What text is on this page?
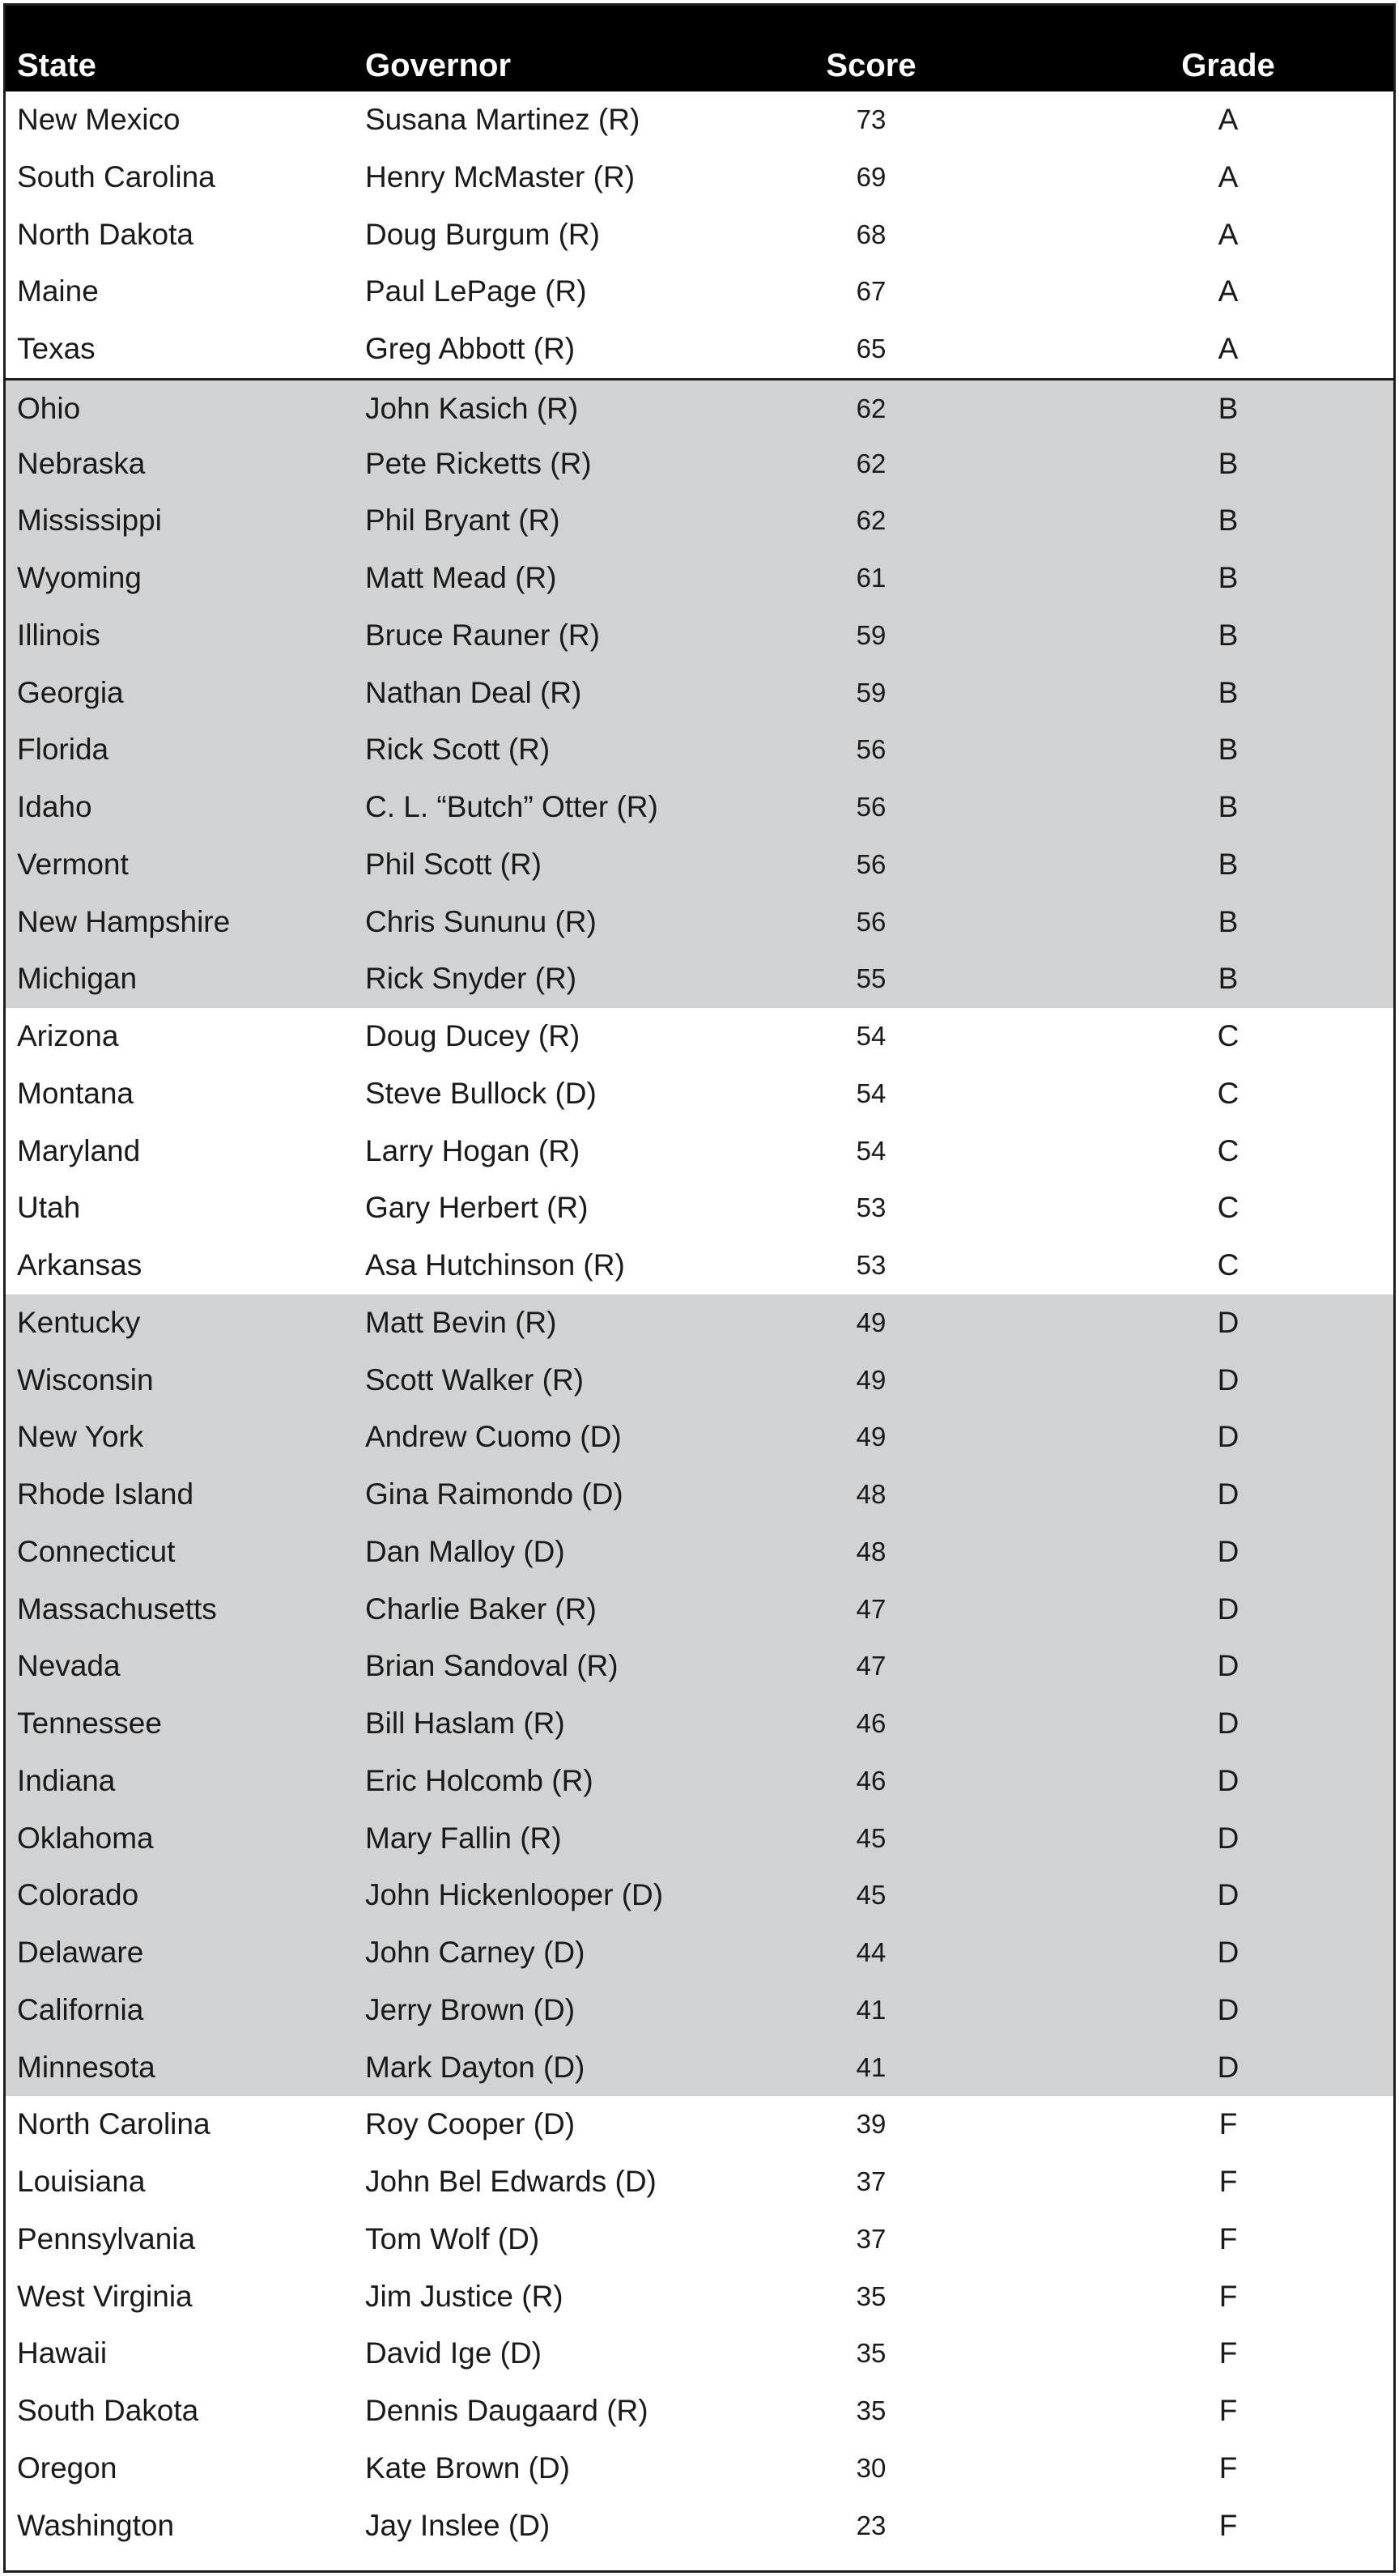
State	Governor	Score	Grade
New Mexico	Susana Martinez (R)	73	A
South Carolina	Henry McMaster (R)	69	A
North Dakota	Doug Burgum (R)	68	A
Maine	Paul LePage (R)	67	A
Texas	Greg Abbott (R)	65	A
Ohio	John Kasich (R)	62	B
Nebraska	Pete Ricketts (R)	62	B
Mississippi	Phil Bryant (R)	62	B
Wyoming	Matt Mead (R)	61	B
Illinois	Bruce Rauner (R)	59	B
Georgia	Nathan Deal (R)	59	B
Florida	Rick Scott (R)	56	B
Idaho	C. L. “Butch” Otter (R)	56	B
Vermont	Phil Scott (R)	56	B
New Hampshire	Chris Sununu (R)	56	B
Michigan	Rick Snyder (R)	55	B
Arizona	Doug Ducey (R)	54	C
Montana	Steve Bullock (D)	54	C
Maryland	Larry Hogan (R)	54	C
Utah	Gary Herbert (R)	53	C
Arkansas	Asa Hutchinson (R)	53	C
Kentucky	Matt Bevin (R)	49	D
Wisconsin	Scott Walker (R)	49	D
New York	Andrew Cuomo (D)	49	D
Rhode Island	Gina Raimondo (D)	48	D
Connecticut	Dan Malloy (D)	48	D
Massachusetts	Charlie Baker (R)	47	D
Nevada	Brian Sandoval (R)	47	D
Tennessee	Bill Haslam (R)	46	D
Indiana	Eric Holcomb (R)	46	D
Oklahoma	Mary Fallin (R)	45	D
Colorado	John Hickenlooper (D)	45	D
Delaware	John Carney (D)	44	D
California	Jerry Brown (D)	41	D
Minnesota	Mark Dayton (D)	41	D
North Carolina	Roy Cooper (D)	39	F
Louisiana	John Bel Edwards (D)	37	F
Pennsylvania	Tom Wolf (D)	37	F
West Virginia	Jim Justice (R)	35	F
Hawaii	David Ige (D)	35	F
South Dakota	Dennis Daugaard (R)	35	F
Oregon	Kate Brown (D)	30	F
Washington	Jay Inslee (D)	23	F
